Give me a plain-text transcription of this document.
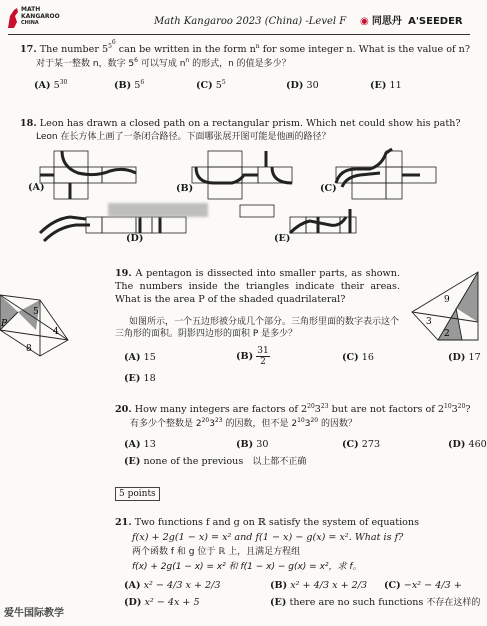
MATH
KANGAROO
CHINA	Math Kangaroo 2023 (China) -Level F ◉ 同思丹 A'SEEDER
17. The number $5^{5^6}$ can be written in the form $n^n$ for some integer n. What is the value of n?
对于某一整数 n，数字 $5^6$ 可以写成 $n^n$ 的形式，n 的值是多少？
(A) $5^{30}$	(B) $5^6$	(C) $5^5$	(D) 30	(E) 11
18. Leon has drawn a closed path on a rectangular prism. Which net could show his path?
Leon 在长方体上画了一条闭合路径。下面哪张展开图可能是他画的路径？
(A)	(B)	(C)
(D)	(E)
19. A pentagon is dissected into smaller parts, as shown. The numbers inside the triangles indicate their areas. What is the area P of the shaded quadrilateral?
如图所示，一个五边形被分成几个部分。三角形里面的数字表示这个三角形的面积。阴影四边形的面积 P 是多少？
5
4
8
P
9
3
2
(A) 15	$(B) \frac{31}{2}$	(C) 16	(D) 17
(E) 18
20. How many integers are factors of $2^{20}3^{23}$ but are not factors of $2^{10}3^{20}$?
有多少个整数是 $2^{20}3^{23}$ 的因数，但不是 $2^{10}3^{20}$ 的因数？
(A) 13	(B) 30	(C) 273	(D) 460
(E) none of the previous 以上都不正确
5 points
21. Two functions f and g on ℝ satisfy the system of equations
f(x) + 2g(1 − x) = x² and f(1 − x) − g(x) = x². What is f?
两个函数 f 和 g 位于 ℝ 上，且满足方程组
f(x) + 2g(1 − x) = x² 和 f(1 − x) − g(x) = x²，求 f。
(A) x² − 4/3 x + 2/3	(B) x² + 4/3 x + 2/3 (C) −x² − 4/3 +
(D) x² − 4x + 5	(E) there are no such functions 不存在这样的
爱牛国际教学
